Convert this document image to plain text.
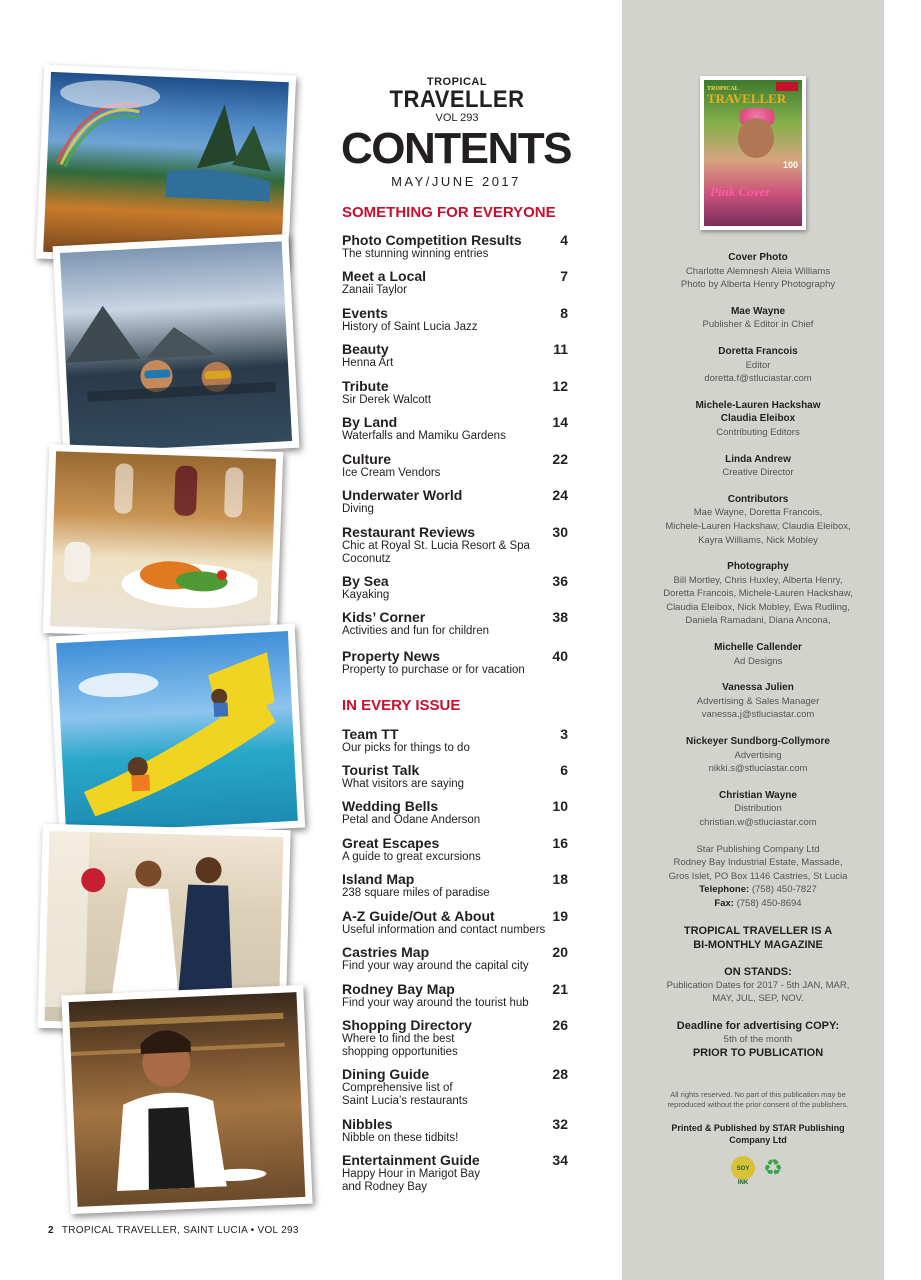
TROPICAL
TRAVELLER
VOL 293
CONTENTS
MAY/JUNE 2017
SOMETHING FOR EVERYONE
Photo Competition Results	4
The stunning winning entries
Meet a Local	7
Zanaii Taylor
Events	8
History of Saint Lucia Jazz
Beauty	11
Henna Art
Tribute	12
Sir Derek Walcott
By Land	14
Waterfalls and Mamiku Gardens
Culture	22
Ice Cream Vendors
Underwater World	24
Diving
Restaurant Reviews	30
Chic at Royal St. Lucia Resort & Spa
Coconutz
By Sea	36
Kayaking
Kids’ Corner	38
Activities and fun for children
Property News	40
Property to purchase or for vacation
IN EVERY ISSUE
Team TT	3
Our picks for things to do
Tourist Talk	6
What visitors are saying
Wedding Bells	10
Petal and Odane Anderson
Great Escapes	16
A guide to great excursions
Island Map	18
238 square miles of paradise
A-Z Guide/Out & About	19
Useful information and contact numbers
Castries Map	20
Find your way around the capital city
Rodney Bay Map	21
Find your way around the tourist hub
Shopping Directory	26
Where to find the best
shopping opportunities
Dining Guide	28
Comprehensive list of
Saint Lucia’s restaurants
Nibbles	32
Nibble on these tidbits!
Entertainment Guide	34
Happy Hour in Marigot Bay
and Rodney Bay
2 TROPICAL TRAVELLER, SAINT LUCIA • VOL 293
TROPICAL
TRAVELLER
100
Pink Cover
Cover Photo
Charlotte Alemnesh Aleia Williams
Photo by Alberta Henry Photography
Mae Wayne
Publisher & Editor in Chief
Doretta Francois
Editor
doretta.f@stluciastar.com
Michele-Lauren Hackshaw
Claudia Eleibox
Contributing Editors
Linda Andrew
Creative Director
Contributors
Mae Wayne, Doretta Francois,
Michele-Lauren Hackshaw, Claudia Eleibox,
Kayra Williams, Nick Mobley
Photography
Bill Mortley, Chris Huxley, Alberta Henry,
Doretta Francois, Michele-Lauren Hackshaw,
Claudia Eleibox, Nick Mobley, Ewa Rudling,
Daniela Ramadani, Diana Ancona,
Michelle Callender
Ad Designs
Vanessa Julien
Advertising & Sales Manager
vanessa.j@stluciastar.com
Nickeyer Sundborg-Collymore
Advertising
nikki.s@stluciastar.com
Christian Wayne
Distribution
christian.w@stluciastar.com
Star Publishing Company Ltd
Rodney Bay Industrial Estate, Massade,
Gros Islet, PO Box 1146 Castries, St Lucia
Telephone: (758) 450-7827
Fax: (758) 450-8694
TROPICAL TRAVELLER IS A
BI-MONTHLY MAGAZINE
ON STANDS:
Publication Dates for 2017 - 5th JAN, MAR,
MAY, JUL, SEP, NOV.
Deadline for advertising COPY:
5th of the month
PRIOR TO PUBLICATION
All rights reserved. No part of this publication may be reproduced without the prior consent of the publishers.
Printed & Published by STAR Publishing Company Ltd
SOY INK
♻
